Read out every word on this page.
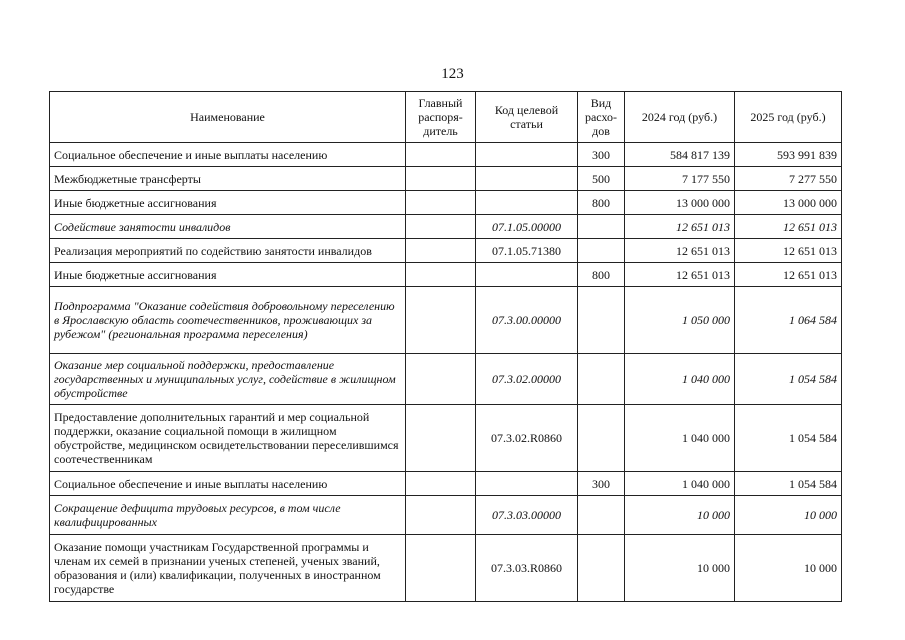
123
Наименование	Главный распоря-дитель	Код целевой статьи	Вид расхо-дов	2024 год (руб.)	2025 год (руб.)
Социальное обеспечение и иные выплаты населению			300	584 817 139	593 991 839
Межбюджетные трансферты			500	7 177 550	7 277 550
Иные бюджетные ассигнования			800	13 000 000	13 000 000
Содействие занятости инвалидов		07.1.05.00000		12 651 013	12 651 013
Реализация мероприятий по содействию занятости инвалидов		07.1.05.71380		12 651 013	12 651 013
Иные бюджетные ассигнования			800	12 651 013	12 651 013
Подпрограмма "Оказание содействия добровольному переселению в Ярославскую область соотечественников, проживающих за рубежом" (региональная программа переселения)		07.3.00.00000		1 050 000	1 064 584
Оказание мер социальной поддержки, предоставление государственных и муниципальных услуг, содействие в жилищном обустройстве		07.3.02.00000		1 040 000	1 054 584
Предоставление дополнительных гарантий и мер социальной поддержки, оказание социальной помощи в жилищном обустройстве, медицинском освидетельствовании переселившимся соотечественникам		07.3.02.R0860		1 040 000	1 054 584
Социальное обеспечение и иные выплаты населению			300	1 040 000	1 054 584
Сокращение дефицита трудовых ресурсов, в том числе квалифицированных		07.3.03.00000		10 000	10 000
Оказание помощи участникам Государственной программы и членам их семей в признании ученых степеней, ученых званий, образования и (или) квалификации, полученных в иностранном государстве		07.3.03.R0860		10 000	10 000
